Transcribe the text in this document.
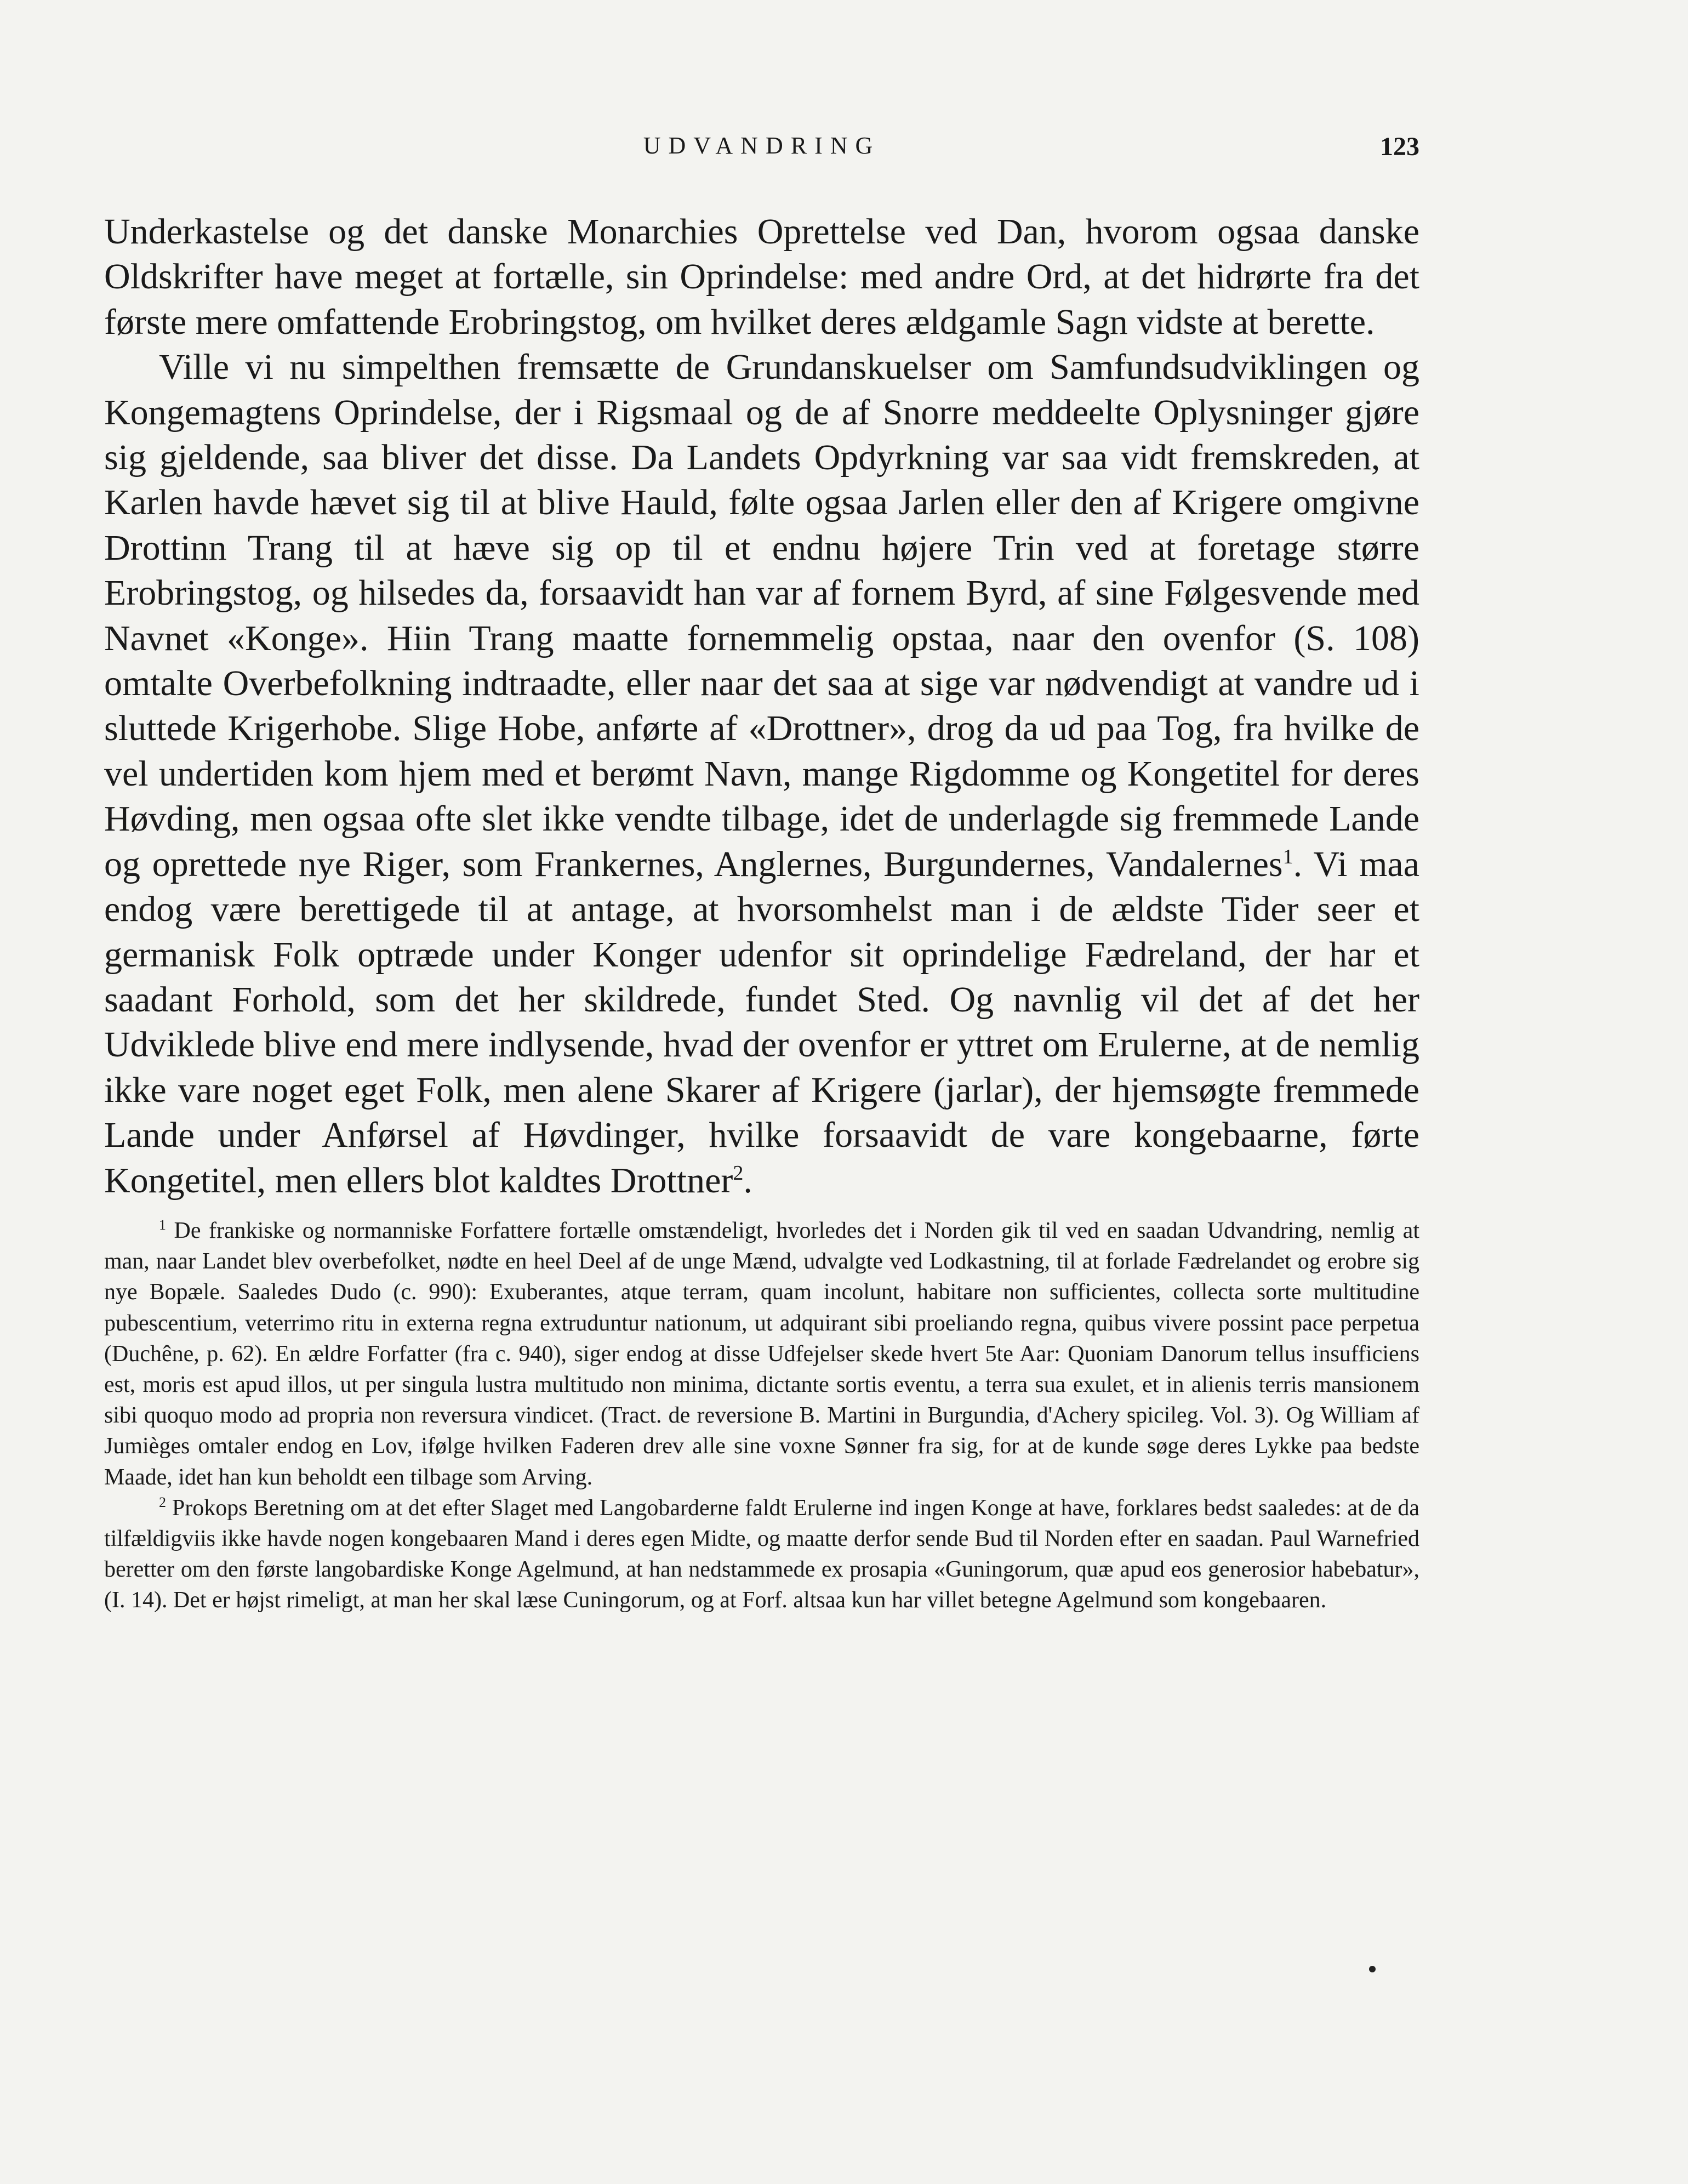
UDVANDRING	123

Underkastelse og det danske Monarchies Oprettelse ved Dan, hvorom ogsaa danske Oldskrifter have meget at fortælle, sin Oprindelse: med andre Ord, at det hidrørte fra det første mere omfattende Erobringstog, om hvilket deres ældgamle Sagn vidste at berette.

Ville vi nu simpelthen fremsætte de Grundanskuelser om Samfundsudviklingen og Kongemagtens Oprindelse, der i Rigsmaal og de af Snorre meddeelte Oplysninger gjøre sig gjeldende, saa bliver det disse. Da Landets Opdyrkning var saa vidt fremskreden, at Karlen havde hævet sig til at blive Hauld, følte ogsaa Jarlen eller den af Krigere omgivne Drottinn Trang til at hæve sig op til et endnu højere Trin ved at foretage større Erobringstog, og hilsedes da, forsaavidt han var af fornem Byrd, af sine Følgesvende med Navnet «Konge». Hiin Trang maatte fornemmelig opstaa, naar den ovenfor (S. 108) omtalte Overbefolkning indtraadte, eller naar det saa at sige var nødvendigt at vandre ud i sluttede Krigerhobe. Slige Hobe, anførte af «Drottner», drog da ud paa Tog, fra hvilke de vel undertiden kom hjem med et berømt Navn, mange Rigdomme og Kongetitel for deres Høvding, men ogsaa ofte slet ikke vendte tilbage, idet de underlagde sig fremmede Lande og oprettede nye Riger, som Frankernes, Anglernes, Burgundernes, Vandalernes$^1$. Vi maa endog være berettigede til at antage, at hvorsomhelst man i de ældste Tider seer et germanisk Folk optræde under Konger udenfor sit oprindelige Fædreland, der har et saadant Forhold, som det her skildrede, fundet Sted. Og navnlig vil det af det her Udviklede blive end mere indlysende, hvad der ovenfor er yttret om Erulerne, at de nemlig ikke vare noget eget Folk, men alene Skarer af Krigere (jarlar), der hjemsøgte fremmede Lande under Anførsel af Høvdinger, hvilke forsaavidt de vare kongebaarne, førte Kongetitel, men ellers blot kaldtes Drottner$^2$.

$^1$ De frankiske og normanniske Forfattere fortælle omstændeligt, hvorledes det i Norden gik til ved en saadan Udvandring, nemlig at man, naar Landet blev overbefolket, nødte en heel Deel af de unge Mænd, udvalgte ved Lodkastning, til at forlade Fædrelandet og erobre sig nye Bopæle. Saaledes Dudo (c. 990): Exuberantes, atque terram, quam incolunt, habitare non sufficientes, collecta sorte multitudine pubescentium, veterrimo ritu in externa regna extruduntur nationum, ut adquirant sibi proeliando regna, quibus vivere possint pace perpetua (Duchêne, p. 62). En ældre Forfatter (fra c. 940), siger endog at disse Udfejelser skede hvert 5te Aar: Quoniam Danorum tellus insufficiens est, moris est apud illos, ut per singula lustra multitudo non minima, dictante sortis eventu, a terra sua exulet, et in alienis terris mansionem sibi quoquo modo ad propria non reversura vindicet. (Tract. de reversione B. Martini in Burgundia, d'Achery spicileg. Vol. 3). Og William af Jumièges omtaler endog en Lov, ifølge hvilken Faderen drev alle sine voxne Sønner fra sig, for at de kunde søge deres Lykke paa bedste Maade, idet han kun beholdt een tilbage som Arving.

$^2$ Prokops Beretning om at det efter Slaget med Langobarderne faldt Erulerne ind ingen Konge at have, forklares bedst saaledes: at de da tilfældigviis ikke havde nogen kongebaaren Mand i deres egen Midte, og maatte derfor sende Bud til Norden efter en saadan. Paul Warnefried beretter om den første langobardiske Konge Agelmund, at han nedstammede ex prosapia «Guningorum, quæ apud eos generosior habebatur», (I. 14). Det er højst rimeligt, at man her skal læse Cuningorum, og at Forf. altsaa kun har villet betegne Agelmund som kongebaaren.
